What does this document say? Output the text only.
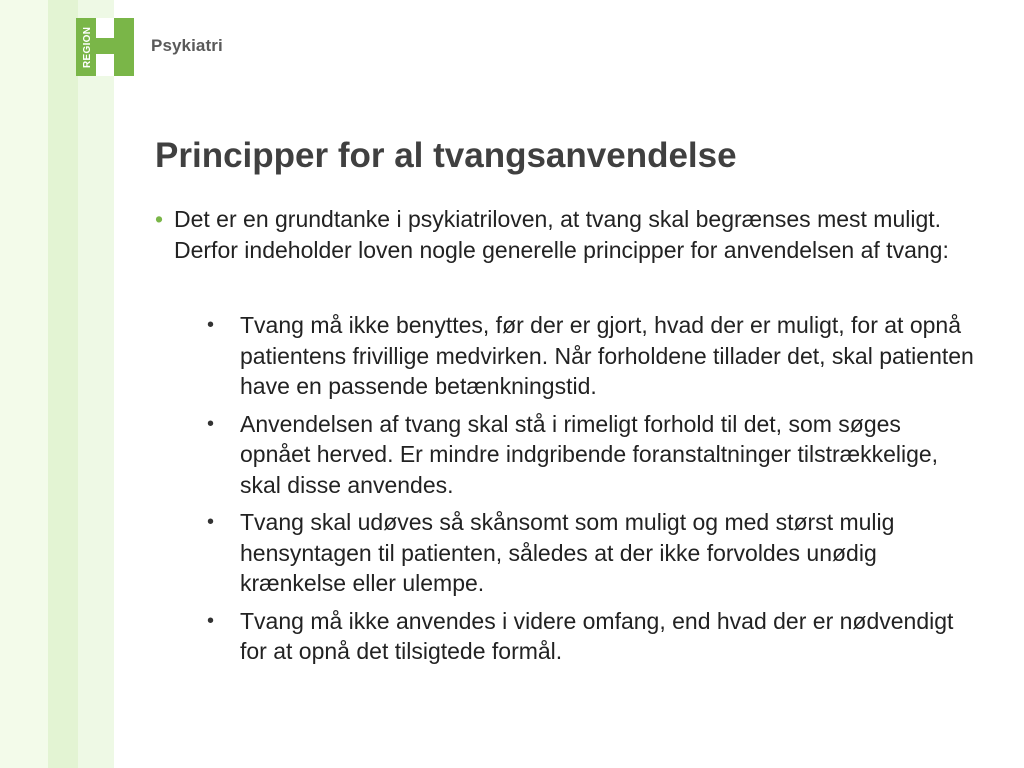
REGION	Psykiatri
Principper for al tvangsanvendelse
• Det er en grundtanke i psykiatriloven, at tvang skal begrænses mest muligt. Derfor indeholder loven nogle generelle principper for anvendelsen af tvang:
• Tvang må ikke benyttes, før der er gjort, hvad der er muligt, for at opnå patientens frivillige medvirken. Når forholdene tillader det, skal patienten have en passende betænkningstid.
• Anvendelsen af tvang skal stå i rimeligt forhold til det, som søges opnået herved. Er mindre indgribende foranstaltninger tilstrækkelige, skal disse anvendes.
• Tvang skal udøves så skånsomt som muligt og med størst mulig hensyntagen til patienten, således at der ikke forvoldes unødig krænkelse eller ulempe.
• Tvang må ikke anvendes i videre omfang, end hvad der er nødvendigt for at opnå det tilsigtede formål.
